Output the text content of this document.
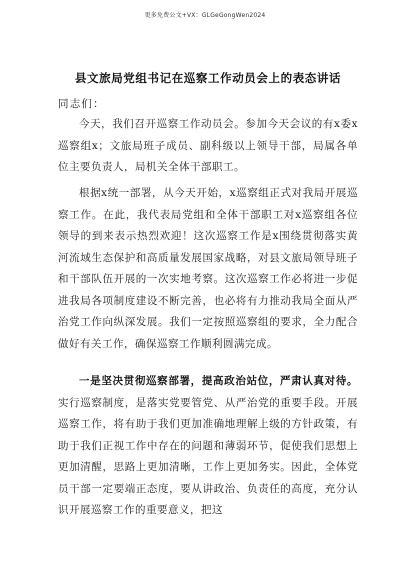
更多免费公文+VX：GLGeGongWen2024
县文旅局党组书记在巡察工作动员会上的表态讲话
同志们：

今天，我们召开巡察工作动员会。参加今天会议的有x委x巡察组x；文旅局班子成员、副科级以上领导干部，局属各单位主要负责人，局机关全体干部职工。

根据x统一部署，从今天开始，x巡察组正式对我局开展巡察工作。在此，我代表局党组和全体干部职工对x巡察组各位领导的到来表示热烈欢迎！这次巡察工作是x围绕贯彻落实黄河流域生态保护和高质量发展国家战略，对县文旅局领导班子和干部队伍开展的一次实地考察。这次巡察工作必将进一步促进我局各项制度建设不断完善，也必将有力推动我局全面从严治党工作向纵深发展。我们一定按照巡察组的要求，全力配合做好有关工作，确保巡察工作顺利圆满完成。

一是坚决贯彻巡察部署，提高政治站位，严肃认真对待。实行巡察制度，是落实党要管党、从严治党的重要手段。开展巡察工作，将有助于我们更加准确地理解上级的方针政策，有助于我们正视工作中存在的问题和薄弱环节，促使我们思想上更加清醒，思路上更加清晰，工作上更加务实。因此，全体党员干部一定要端正态度，要从讲政治、负责任的高度，充分认识开展巡察工作的重要意义，把这
